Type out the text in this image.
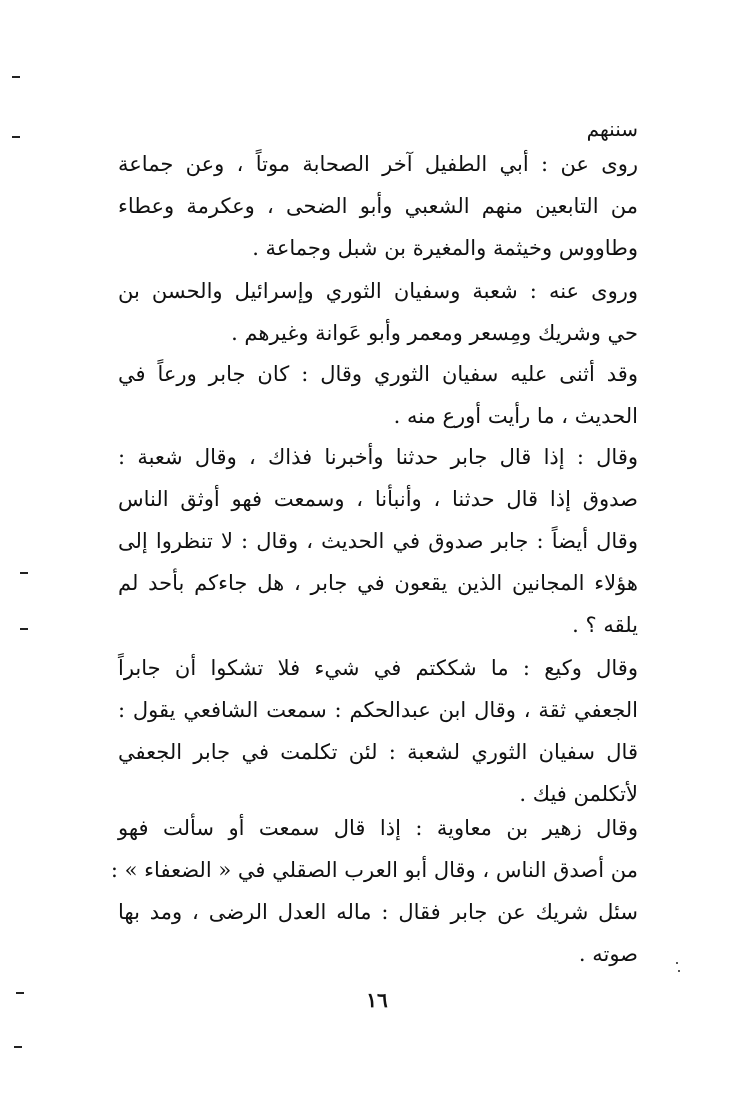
سننهم
روى عن : أبي الطفيل آخر الصحابة موتاً ، وعن جماعة
من التابعين منهم الشعبي وأبو الضحى ، وعكرمة وعطاء
وطاووس وخيثمة والمغيرة بن شبل وجماعة .
وروى عنه : شعبة وسفيان الثوري وإسرائيل والحسن بن
حي وشريك ومِسعر ومعمر وأبو عَوانة وغيرهم .
وقد أثنى عليه سفيان الثوري وقال : كان جابر ورعاً في
الحديث ، ما رأيت أورع منه .
وقال : إذا قال جابر حدثنا وأخبرنا فذاك ، وقال شعبة :
صدوق إذا قال حدثنا ، وأنبأنا ، وسمعت فهو أوثق الناس
وقال أيضاً : جابر صدوق في الحديث ، وقال : لا تنظروا إلى
هؤلاء المجانين الذين يقعون في جابر ، هل جاءكم بأحد لم
يلقه ؟ .
وقال وكيع : ما شككتم في شيء فلا تشكوا أن جابراً
الجعفي ثقة ، وقال ابن عبدالحكم : سمعت الشافعي يقول :
قال سفيان الثوري لشعبة : لئن تكلمت في جابر الجعفي
لأتكلمن فيك .
وقال زهير بن معاوية : إذا قال سمعت أو سألت فهو
من أصدق الناس ، وقال أبو العرب الصقلي في « الضعفاء » :
سئل شريك عن جابر فقال : ماله العدل الرضى ، ومد بها
صوته .
١٦
